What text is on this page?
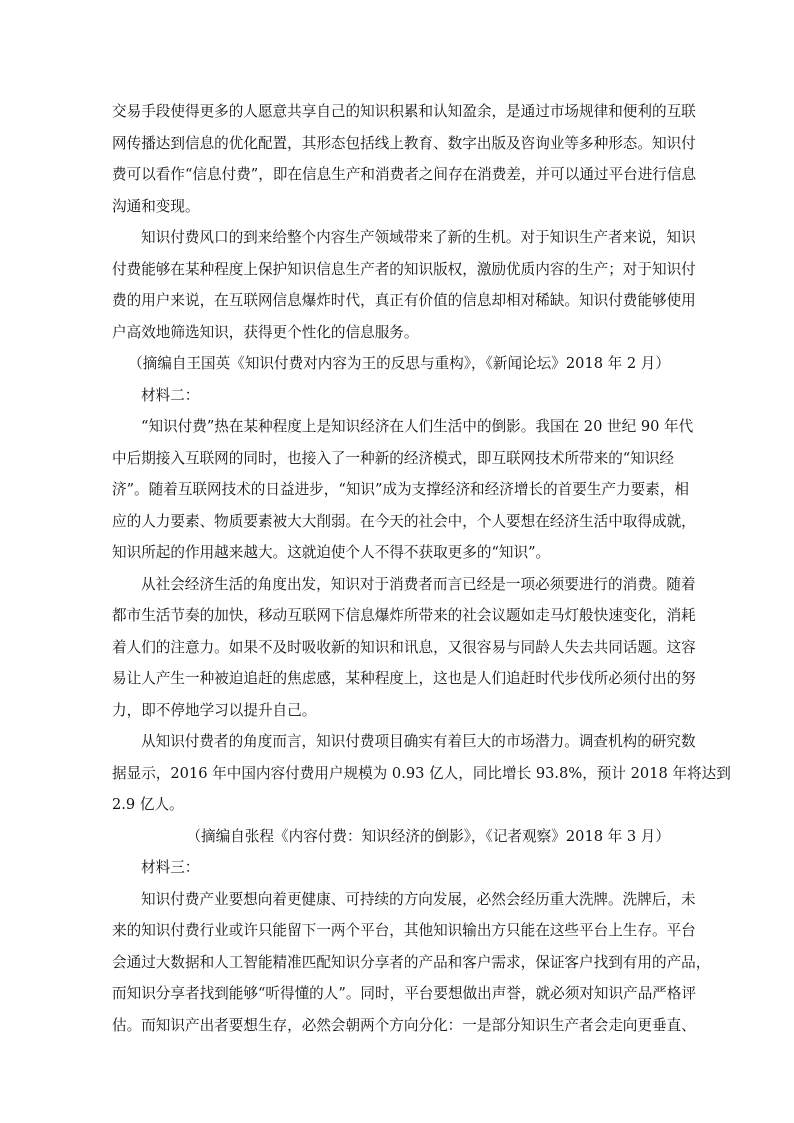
交易手段使得更多的人愿意共享自己的知识积累和认知盈余，是通过市场规律和便利的互联
网传播达到信息的优化配置，其形态包括线上教育、数字出版及咨询业等多种形态。知识付
费可以看作“信息付费”，即在信息生产和消费者之间存在消费差，并可以通过平台进行信息
沟通和变现。
知识付费风口的到来给整个内容生产领域带来了新的生机。对于知识生产者来说，知识
付费能够在某种程度上保护知识信息生产者的知识版权，激励优质内容的生产；对于知识付
费的用户来说，在互联网信息爆炸时代，真正有价值的信息却相对稀缺。知识付费能够使用
户高效地筛选知识，获得更个性化的信息服务。
（摘编自王国英《知识付费对内容为王的反思与重构》，《新闻论坛》2018 年 2 月）
材料二：
“知识付费”热在某种程度上是知识经济在人们生活中的倒影。我国在 20 世纪 90 年代
中后期接入互联网的同时，也接入了一种新的经济模式，即互联网技术所带来的“知识经
济”。随着互联网技术的日益进步，“知识”成为支撑经济和经济增长的首要生产力要素，相
应的人力要素、物质要素被大大削弱。在今天的社会中，个人要想在经济生活中取得成就，
知识所起的作用越来越大。这就迫使个人不得不获取更多的“知识”。
从社会经济生活的角度出发，知识对于消费者而言已经是一项必须要进行的消费。随着
都市生活节奏的加快，移动互联网下信息爆炸所带来的社会议题如走马灯般快速变化，消耗
着人们的注意力。如果不及时吸收新的知识和讯息，又很容易与同龄人失去共同话题。这容
易让人产生一种被迫追赶的焦虑感，某种程度上，这也是人们追赶时代步伐所必须付出的努
力，即不停地学习以提升自己。
从知识付费者的角度而言，知识付费项目确实有着巨大的市场潜力。调查机构的研究数
据显示，2016 年中国内容付费用户规模为 0.93 亿人，同比增长 93.8%，预计 2018 年将达到
2.9 亿人。
（摘编自张程《内容付费：知识经济的倒影》，《记者观察》2018 年 3 月）
材料三：
知识付费产业要想向着更健康、可持续的方向发展，必然会经历重大洗牌。洗牌后，未
来的知识付费行业或许只能留下一两个平台，其他知识输出方只能在这些平台上生存。平台
会通过大数据和人工智能精准匹配知识分享者的产品和客户需求，保证客户找到有用的产品，
而知识分享者找到能够“听得懂的人”。同时，平台要想做出声誉，就必须对知识产品严格评
估。而知识产出者要想生存，必然会朝两个方向分化：一是部分知识生产者会走向更垂直、
